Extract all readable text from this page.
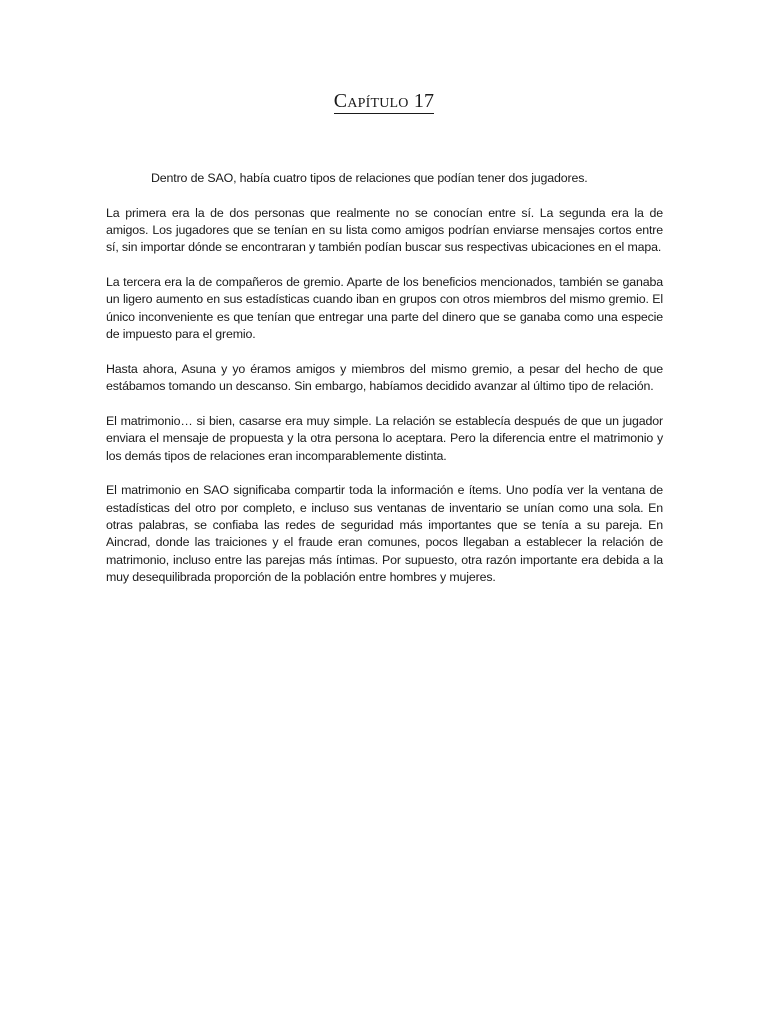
Capítulo 17

Dentro de SAO, había cuatro tipos de relaciones que podían tener dos jugadores.

La primera era la de dos personas que realmente no se conocían entre sí. La segunda era la de amigos. Los jugadores que se tenían en su lista como amigos podrían enviarse mensajes cortos entre sí, sin importar dónde se encontraran y también podían buscar sus respectivas ubicaciones en el mapa.

La tercera era la de compañeros de gremio. Aparte de los beneficios mencionados, también se ganaba un ligero aumento en sus estadísticas cuando iban en grupos con otros miembros del mismo gremio. El único inconveniente es que tenían que entregar una parte del dinero que se ganaba como una especie de impuesto para el gremio.

Hasta ahora, Asuna y yo éramos amigos y miembros del mismo gremio, a pesar del hecho de que estábamos tomando un descanso. Sin embargo, habíamos decidido avanzar al último tipo de relación.

El matrimonio… si bien, casarse era muy simple. La relación se establecía después de que un jugador enviara el mensaje de propuesta y la otra persona lo aceptara. Pero la diferencia entre el matrimonio y los demás tipos de relaciones eran incomparablemente distinta.

El matrimonio en SAO significaba compartir toda la información e ítems. Uno podía ver la ventana de estadísticas del otro por completo, e incluso sus ventanas de inventario se unían como una sola. En otras palabras, se confiaba las redes de seguridad más importantes que se tenía a su pareja. En Aincrad, donde las traiciones y el fraude eran comunes, pocos llegaban a establecer la relación de matrimonio, incluso entre las parejas más íntimas. Por supuesto, otra razón importante era debida a la muy desequilibrada proporción de la población entre hombres y mujeres.
